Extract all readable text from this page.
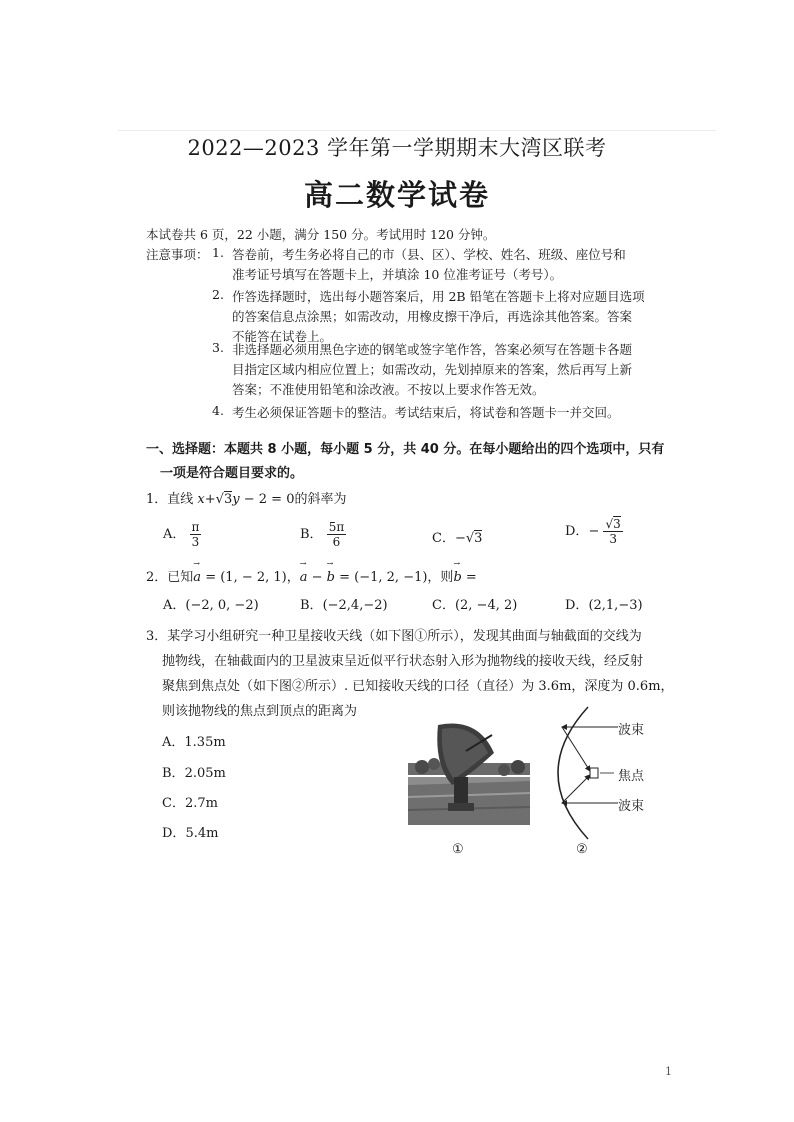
2022—2023 学年第一学期期末大湾区联考
高二数学试卷
本试卷共 6 页，22 小题，满分 150 分。考试用时 120 分钟。
注意事项： 1. 答卷前，考生务必将自己的市（县、区）、学校、姓名、班级、座位号和
准考证号填写在答题卡上，并填涂 10 位准考证号（考号）。
2. 作答选择题时，选出每小题答案后，用 2B 铅笔在答题卡上将对应题目选项
的答案信息点涂黑；如需改动，用橡皮擦干净后，再选涂其他答案。答案
不能答在试卷上。
3. 非选择题必须用黑色字迹的钢笔或签字笔作答，答案必须写在答题卡各题
目指定区域内相应位置上；如需改动，先划掉原来的答案，然后再写上新
答案；不准使用铅笔和涂改液。不按以上要求作答无效。
4. 考生必须保证答题卡的整洁。考试结束后，将试卷和答题卡一并交回。
一、选择题：本题共 8 小题，每小题 5 分，共 40 分。在每小题给出的四个选项中，只有
一项是符合题目要求的。
1．直线 x+√3y − 2 = 0的斜率为
A． $\frac{\pi}{3}$	B． $\frac{5\pi}{6}$	C．−√3	D．− $\frac{√3}{3}$
2．已知→ a = (1, − 2, 1)，→ a − → b = (−1, 2, −1)，则→ b =
A．(−2, 0, −2)	B．(−2,4,−2)	C．(2, −4, 2)	D．(2,1,−3)
3．某学习小组研究一种卫星接收天线（如下图①所示），发现其曲面与轴截面的交线为
抛物线，在轴截面内的卫星波束呈近似平行状态射入形为抛物线的接收天线，经反射
聚焦到焦点处（如下图②所示）. 已知接收天线的口径（直径）为 3.6m，深度为 0.6m，
则该抛物线的焦点到顶点的距离为
A．1.35m
B．2.05m
C．2.7m
D．5.4m
波束
焦点
波束
①	②
1
